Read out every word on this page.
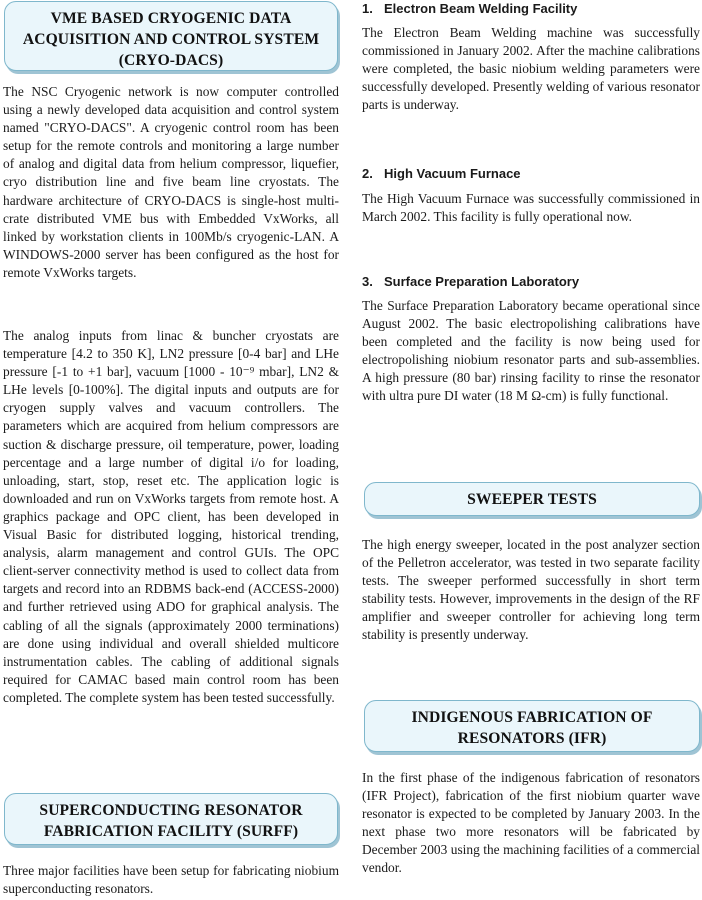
VME BASED CRYOGENIC DATA
ACQUISITION AND CONTROL SYSTEM
(CRYO-DACS)

The NSC Cryogenic network is now computer controlled using a newly developed data acquisition and control system named "CRYO-DACS". A cryogenic control room has been setup for the remote controls and monitoring a large number of analog and digital data from helium compressor, liquefier, cryo distribution line and five beam line cryostats. The hardware architecture of CRYO-DACS is single-host multi-crate distributed VME bus with Embedded VxWorks, all linked by workstation clients in 100Mb/s cryogenic-LAN. A WINDOWS-2000 server has been configured as the host for remote VxWorks targets.

The analog inputs from linac & buncher cryostats are temperature [4.2 to 350 K], LN2 pressure [0-4 bar] and LHe pressure [-1 to +1 bar], vacuum [1000 - 10⁻⁹ mbar], LN2 & LHe levels [0-100%]. The digital inputs and outputs are for cryogen supply valves and vacuum controllers. The parameters which are acquired from helium compressors are suction & discharge pressure, oil temperature, power, loading percentage and a large number of digital i/o for loading, unloading, start, stop, reset etc. The application logic is downloaded and run on VxWorks targets from remote host. A graphics package and OPC client, has been developed in Visual Basic for distributed logging, historical trending, analysis, alarm management and control GUIs. The OPC client-server connectivity method is used to collect data from targets and record into an RDBMS back-end (ACCESS-2000) and further retrieved using ADO for graphical analysis. The cabling of all the signals (approximately 2000 terminations) are done using individual and overall shielded multicore instrumentation cables. The cabling of additional signals required for CAMAC based main control room has been completed. The complete system has been tested successfully.

SUPERCONDUCTING RESONATOR
FABRICATION FACILITY (SURFF)

Three major facilities have been setup for fabricating niobium superconducting resonators.

1. Electron Beam Welding Facility

The Electron Beam Welding machine was successfully commissioned in January 2002. After the machine calibrations were completed, the basic niobium welding parameters were successfully developed. Presently welding of various resonator parts is underway.

2. High Vacuum Furnace

The High Vacuum Furnace was successfully commissioned in March 2002. This facility is fully operational now.

3. Surface Preparation Laboratory

The Surface Preparation Laboratory became operational since August 2002. The basic electropolishing calibrations have been completed and the facility is now being used for electropolishing niobium resonator parts and sub-assemblies. A high pressure (80 bar) rinsing facility to rinse the resonator with ultra pure DI water (18 M Ω-cm) is fully functional.

SWEEPER TESTS

The high energy sweeper, located in the post analyzer section of the Pelletron accelerator, was tested in two separate facility tests. The sweeper performed successfully in short term stability tests. However, improvements in the design of the RF amplifier and sweeper controller for achieving long term stability is presently underway.

INDIGENOUS FABRICATION OF
RESONATORS (IFR)

In the first phase of the indigenous fabrication of resonators (IFR Project), fabrication of the first niobium quarter wave resonator is expected to be completed by January 2003. In the next phase two more resonators will be fabricated by December 2003 using the machining facilities of a commercial vendor.
